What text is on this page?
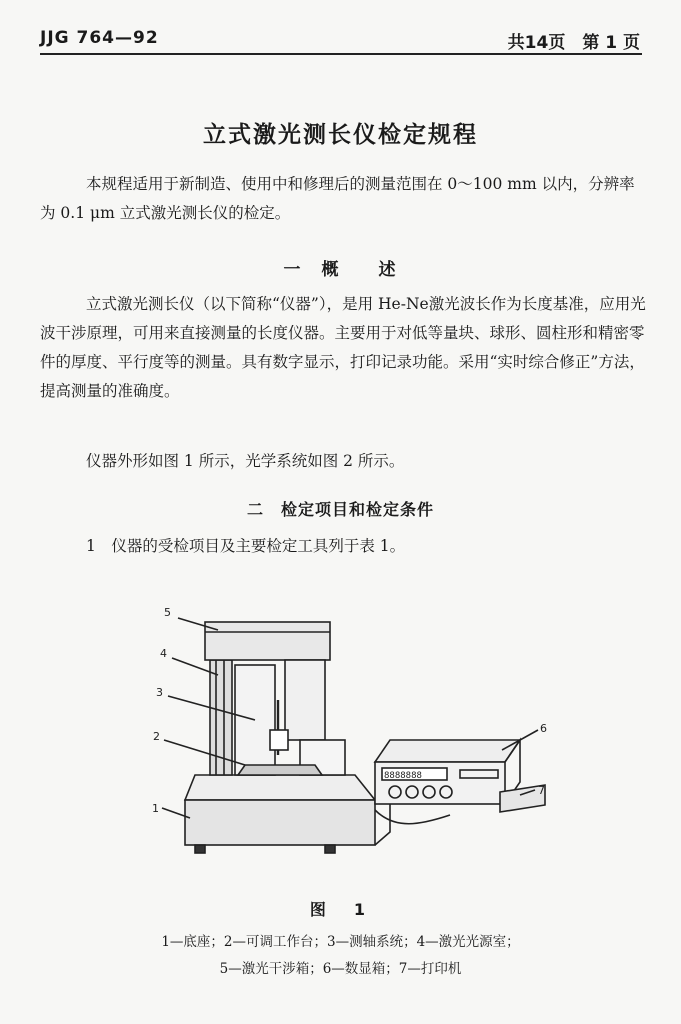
JJG 764—92	共14页　第 1 页
立式激光测长仪检定规程
本规程适用于新制造、使用中和修理后的测量范围在 0～100 mm 以内，分辨率为 0.1 μm 立式激光测长仪的检定。
一　概　　述
立式激光测长仪（以下简称“仪器”），是用 He-Ne激光波长作为长度基准，应用光波干涉原理，可用来直接测量的长度仪器。主要用于对低等量块、球形、圆柱形和精密零件的厚度、平行度等的测量。具有数字显示，打印记录功能。采用“实时综合修正”方法，提高测量的准确度。
仪器外形如图 1 所示，光学系统如图 2 所示。
二　检定项目和检定条件
1　仪器的受检项目及主要检定工具列于表 1。
5
4
3
2
1
6
7
8888888
图　1
1—底座；2—可调工作台；3—测轴系统；4—激光光源室；
5—激光干涉箱；6—数显箱；7—打印机
